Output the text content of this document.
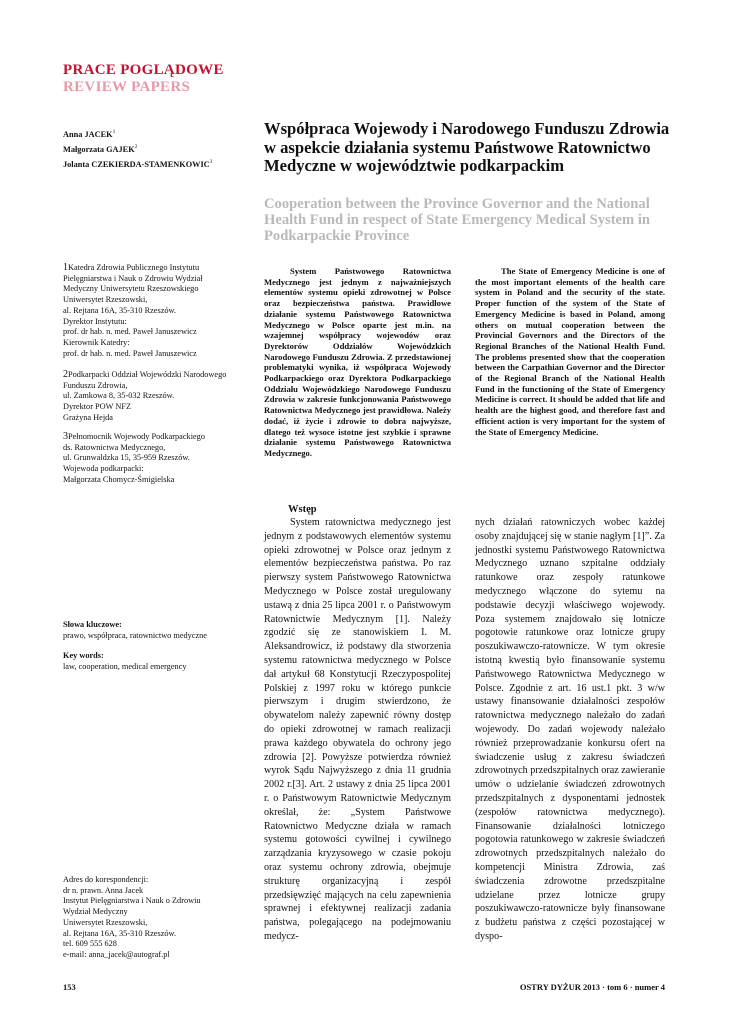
PRACE POGLĄDOWE
REVIEW PAPERS
Anna JACEK$^1$
Małgorzata GAJEK$^2$
Jolanta CZEKIERDA-STAMENKOWIC$^3$
Współpraca Wojewody i Narodowego Funduszu Zdrowia w aspekcie działania systemu Państwowe Ratownictwo Medyczne w województwie podkarpackim
Cooperation between the Province Governor and the National Health Fund in respect of State Emergency Medical System in Podkarpackie Province
1Katedra Zdrowia Publicznego Instytutu
Pielęgniarstwa i Nauk o Zdrowiu Wydział
Medyczny Uniwersytetu Rzeszowskiego
Uniwersytet Rzeszowski,
al. Rejtana 16A, 35-310 Rzeszów.
Dyrektor Instytutu:
prof. dr hab. n. med. Paweł Januszewicz
Kierownik Katedry:
prof. dr hab. n. med. Paweł Januszewicz
2Podkarpacki Oddział Wojewódzki Narodowego
Funduszu Zdrowia,
ul. Zamkowa 8, 35-032 Rzeszów.
Dyrektor POW NFZ
Grażyna Hejda
3Pełnomocnik Wojewody Podkarpackiego
ds. Ratownictwa Medycznego,
ul. Grunwaldzka 15, 35-959 Rzeszów.
Wojewoda podkarpacki:
Małgorzata Chomycz-Śmigielska
Słowa kluczowe:
prawo, współpraca, ratownictwo medyczne
Key words:
law, cooperation, medical emergency
System Państwowego Ratownictwa Medycznego jest jednym z najważniejszych elementów systemu opieki zdrowotnej w Polsce oraz bezpieczeństwa państwa. Prawidłowe działanie systemu Państwowego Ratownictwa Medycznego w Polsce oparte jest m.in. na wzajemnej współpracy wojewodów oraz Dyrektorów Oddziałów Wojewódzkich Narodowego Funduszu Zdrowia. Z przedstawionej problematyki wynika, iż współpraca Wojewody Podkarpackiego oraz Dyrektora Podkarpackiego Oddziału Wojewódzkiego Narodowego Funduszu Zdrowia w zakresie funkcjonowania Państwowego Ratownictwa Medycznego jest prawidłowa. Należy dodać, iż życie i zdrowie to dobra najwyższe, dlatego też wysoce istotne jest szybkie i sprawne działanie systemu Państwowego Ratownictwa Medycznego.
The State of Emergency Medicine is one of the most important elements of the health care system in Poland and the security of the state. Proper function of the system of the State of Emergency Medicine is based in Poland, among others on mutual cooperation between the Provincial Governors and the Directors of the Regional Branches of the National Health Fund. The problems presented show that the cooperation between the Carpathian Governor and the Director of the Regional Branch of the National Health Fund in the functioning of the State of Emergency Medicine is correct. It should be added that life and health are the highest good, and therefore fast and efficient action is very important for the system of the State of Emergency Medicine.
Wstęp
System ratownictwa medycznego jest jednym z podstawowych elementów systemu opieki zdrowotnej w Polsce oraz jednym z elementów bezpieczeństwa państwa. Po raz pierwszy system Państwowego Ratownictwa Medycznego w Polsce został uregulowany ustawą z dnia 25 lipca 2001 r. o Państwowym Ratownictwie Medycznym [1]. Należy zgodzić się ze stanowiskiem I. M. Aleksandrowicz, iż podstawy dla stworzenia systemu ratownictwa medycznego w Polsce dał artykuł 68 Konstytucji Rzeczypospolitej Polskiej z 1997 roku w którego punkcie pierwszym i drugim stwierdzono, że obywatelom należy zapewnić równy dostęp do opieki zdrowotnej w ramach realizacji prawa każdego obywatela do ochrony jego zdrowia [2]. Powyższe potwierdza również wyrok Sądu Najwyższego z dnia 11 grudnia 2002 r.[3]. Art. 2 ustawy z dnia 25 lipca 2001 r. o Państwowym Ratownictwie Medycznym określał, że: „System Państwowe Ratownictwo Medyczne działa w ramach systemu gotowości cywilnej i cywilnego zarządzania kryzysowego w czasie pokoju oraz systemu ochrony zdrowia, obejmuje strukturę organizacyjną i zespół przedsięwzięć mających na celu zapewnienia sprawnej i efektywnej realizacji zadania państwa, polegającego na podejmowaniu medycz-
nych działań ratowniczych wobec każdej osoby znajdującej się w stanie nagłym [1]”. Za jednostki systemu Państwowego Ratownictwa Medycznego uznano szpitalne oddziały ratunkowe oraz zespoły ratunkowe medycznego włączone do sytemu na podstawie decyzji właściwego wojewody. Poza systemem znajdowało się lotnicze pogotowie ratunkowe oraz lotnicze grupy poszukiwawczo-ratownicze. W tym okresie istotną kwestią było finansowanie systemu Państwowego Ratownictwa Medycznego w Polsce. Zgodnie z art. 16 ust.1 pkt. 3 w/w ustawy finansowanie działalności zespołów ratownictwa medycznego należało do zadań wojewody. Do zadań wojewody należało również przeprowadzanie konkursu ofert na świadczenie usług z zakresu świadczeń zdrowotnych przedszpitalnych oraz zawieranie umów o udzielanie świadczeń zdrowotnych przedszpitalnych z dysponentami jednostek (zespołów ratownictwa medycznego). Finansowanie działalności lotniczego pogotowia ratunkowego w zakresie świadczeń zdrowotnych przedszpitalnych należało do kompetencji Ministra Zdrowia, zaś świadczenia zdrowotne przedszpitalne udzielane przez lotnicze grupy poszukiwawczo-ratownicze były finansowane z budżetu państwa z części pozostającej w dyspo-
Adres do korespondencji:
dr n. prawn. Anna Jacek
Instytut Pielęgniarstwa i Nauk o Zdrowiu
Wydział Medyczny
Uniwersytet Rzeszowski,
al. Rejtana 16A, 35-310 Rzeszów.
tel. 609 555 628
e-mail: anna_jacek@autograf.pl
153	OSTRY DYŻUR 2013 · tom 6 · numer 4
